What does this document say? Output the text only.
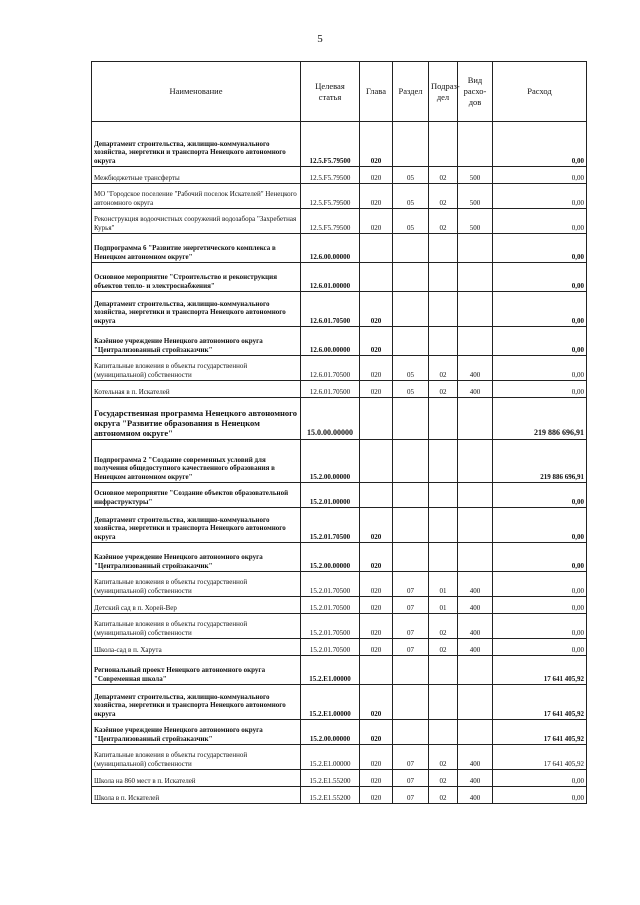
5
Наименование	Целевая статья	Глава	Раздел	Подраз-дел	Вид расхо-дов	Расход
Департамент строительства, жилищно-коммунального хозяйства, энергетики и транспорта Ненецкого автономного округа	12.5.F5.79500	020				0,00
Межбюджетные трансферты	12.5.F5.79500	020	05	02	500	0,00
МО "Городское поселение "Рабочий поселок Искателей" Ненецкого автономного округа	12.5.F5.79500	020	05	02	500	0,00
Реконструкция водоочистных сооружений водозабора "Захребетная Курья"	12.5.F5.79500	020	05	02	500	0,00
Подпрограмма 6 "Развитие энергетического комплекса в Ненецком автономном округе"	12.6.00.00000					0,00
Основное мероприятие "Строительство и реконструкция объектов тепло- и электроснабжения"	12.6.01.00000					0,00
Департамент строительства, жилищно-коммунального хозяйства, энергетики и транспорта Ненецкого автономного округа	12.6.01.70500	020				0,00
Казённое учреждение Ненецкого автономного округа "Централизованный стройзаказчик"	12.6.00.00000	020				0,00
Капитальные вложения в объекты государственной (муниципальной) собственности	12.6.01.70500	020	05	02	400	0,00
Котельная в п. Искателей	12.6.01.70500	020	05	02	400	0,00
Государственная программа Ненецкого автономного округа "Развитие образования в Ненецком автономном округе"	15.0.00.00000					219 886 696,91
Подпрограмма 2 "Создание современных условий для получения общедоступного качественного образования в Ненецком автономном округе"	15.2.00.00000					219 886 696,91
Основное мероприятие "Создание объектов образовательной инфраструктуры"	15.2.01.00000					0,00
Департамент строительства, жилищно-коммунального хозяйства, энергетики и транспорта Ненецкого автономного округа	15.2.01.70500	020				0,00
Казённое учреждение Ненецкого автономного округа "Централизованный стройзаказчик"	15.2.00.00000	020				0,00
Капитальные вложения в объекты государственной (муниципальной) собственности	15.2.01.70500	020	07	01	400	0,00
Детский сад в п. Хорей-Вер	15.2.01.70500	020	07	01	400	0,00
Капитальные вложения в объекты государственной (муниципальной) собственности	15.2.01.70500	020	07	02	400	0,00
Школа-сад в п. Харута	15.2.01.70500	020	07	02	400	0,00
Региональный проект Ненецкого автономного округа "Современная школа"	15.2.E1.00000					17 641 405,92
Департамент строительства, жилищно-коммунального хозяйства, энергетики и транспорта Ненецкого автономного округа	15.2.E1.00000	020				17 641 405,92
Казённое учреждение Ненецкого автономного округа "Централизованный стройзаказчик"	15.2.00.00000	020				17 641 405,92
Капитальные вложения в объекты государственной (муниципальной) собственности	15.2.E1.00000	020	07	02	400	17 641 405,92
Школа на 860 мест в п. Искателей	15.2.E1.55200	020	07	02	400	0,00
Школа в п. Искателей	15.2.E1.55200	020	07	02	400	0,00
